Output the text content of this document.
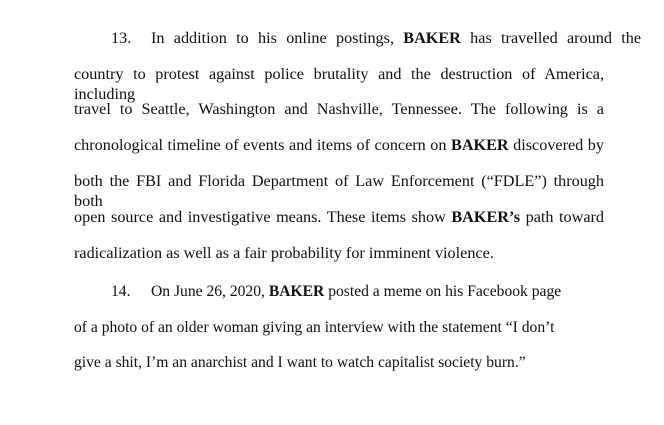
13. In addition to his online postings, BAKER has travelled around the
country to protest against police brutality and the destruction of America, including
travel to Seattle, Washington and Nashville, Tennessee. The following is a
chronological timeline of events and items of concern on BAKER discovered by
both the FBI and Florida Department of Law Enforcement (“FDLE”) through both
open source and investigative means. These items show BAKER’s path toward
radicalization as well as a fair probability for imminent violence.
14. On June 26, 2020, BAKER posted a meme on his Facebook page
of a photo of an older woman giving an interview with the statement “I don’t
give a shit, I’m an anarchist and I want to watch capitalist society burn.”
